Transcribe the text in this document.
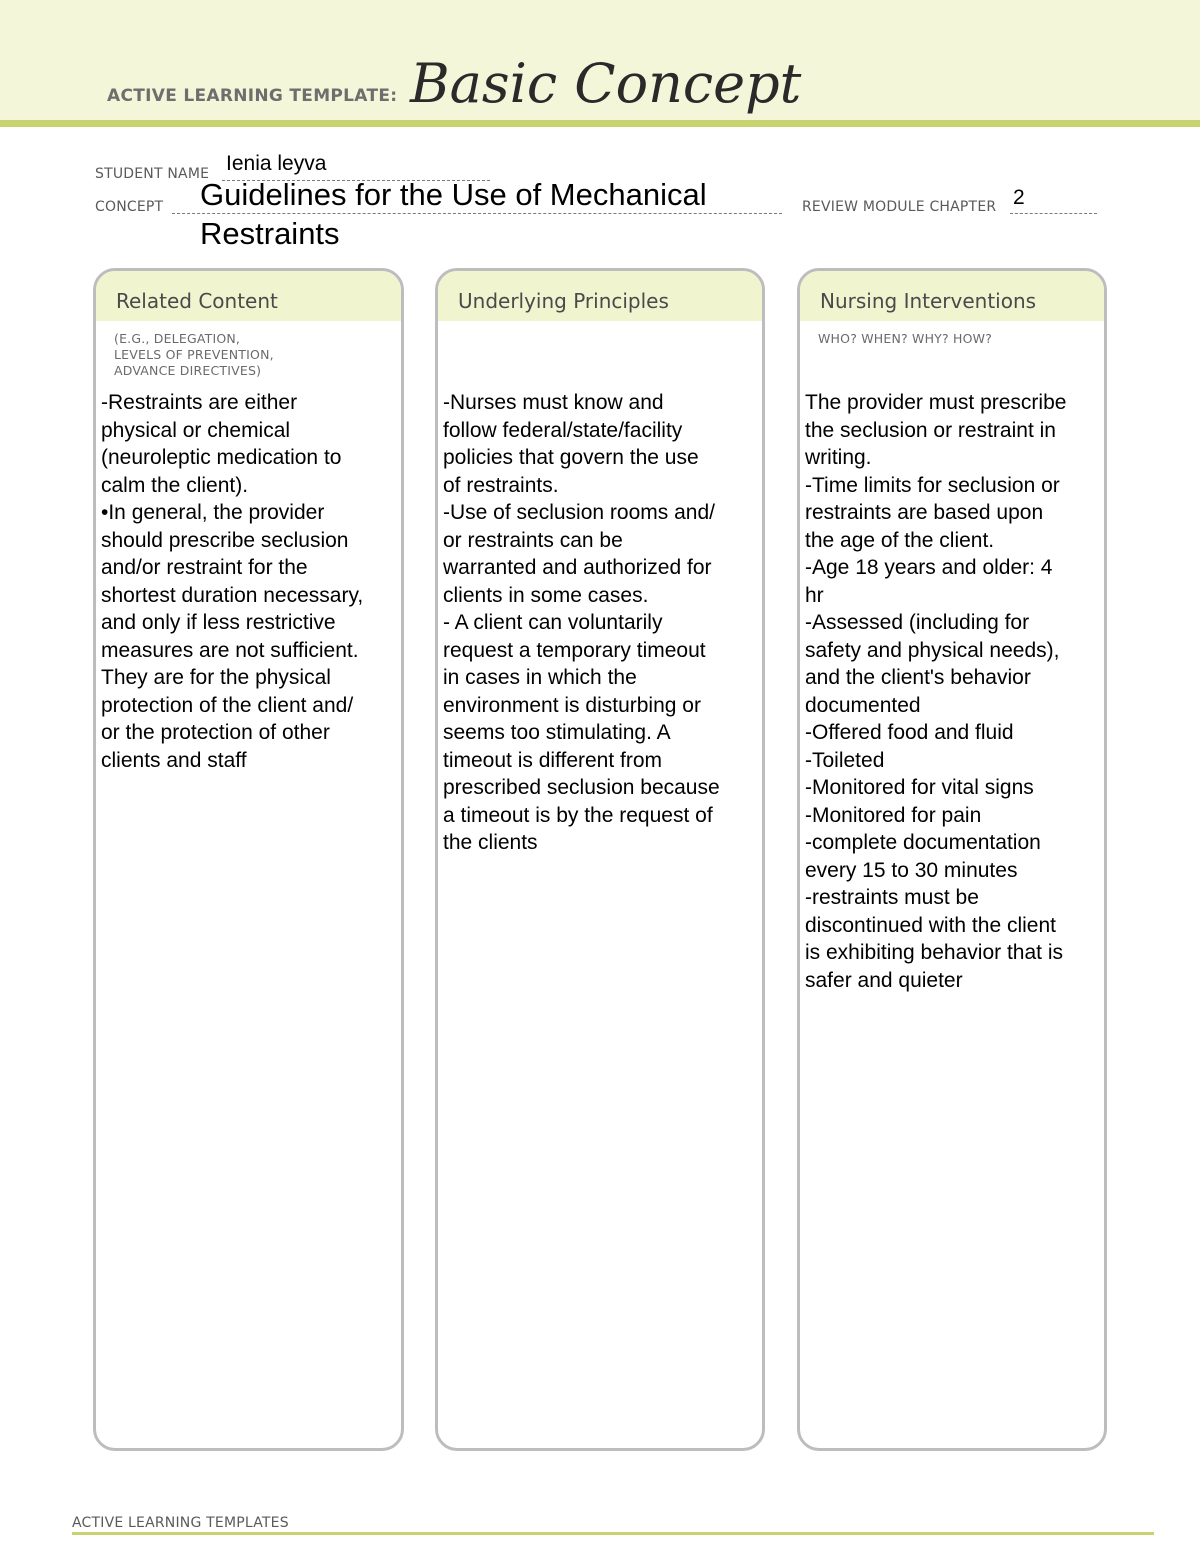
ACTIVE LEARNING TEMPLATE: Basic Concept
STUDENT NAME Ienia leyva
CONCEPT Guidelines for the Use of Mechanical
Restraints
REVIEW MODULE CHAPTER 2
Related Content
(E.G., DELEGATION,
LEVELS OF PREVENTION,
ADVANCE DIRECTIVES)
-Restraints are either
physical or chemical
(neuroleptic medication to
calm the client).
•In general, the provider
should prescribe seclusion
and/or restraint for the
shortest duration necessary,
and only if less restrictive
measures are not sufficient.
They are for the physical
protection of the client and/
or the protection of other
clients and staff
Underlying Principles
-Nurses must know and
follow federal/state/facility
policies that govern the use
of restraints.
-Use of seclusion rooms and/
or restraints can be
warranted and authorized for
clients in some cases.
- A client can voluntarily
request a temporary timeout
in cases in which the
environment is disturbing or
seems too stimulating. A
timeout is different from
prescribed seclusion because
a timeout is by the request of
the clients
Nursing Interventions
WHO? WHEN? WHY? HOW?
The provider must prescribe
the seclusion or restraint in
writing.
-Time limits for seclusion or
restraints are based upon
the age of the client.
-Age 18 years and older: 4
hr
-Assessed (including for
safety and physical needs),
and the client's behavior
documented
-Offered food and fluid
-Toileted
-Monitored for vital signs
-Monitored for pain
-complete documentation
every 15 to 30 minutes
-restraints must be
discontinued with the client
is exhibiting behavior that is
safer and quieter
ACTIVE LEARNING TEMPLATES
